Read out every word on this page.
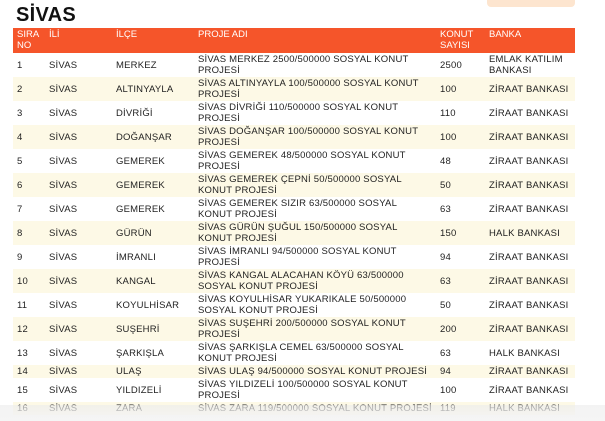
SİVAS
SIRA NO	İLİ	İLÇE	PROJE ADI	KONUT SAYISI	BANKA
1	SİVAS	MERKEZ	SİVAS MERKEZ 2500/500000 SOSYAL KONUT PROJESİ	2500	EMLAK KATILIM BANKASI
2	SİVAS	ALTINYAYLA	SİVAS ALTINYAYLA 100/500000 SOSYAL KONUT PROJESİ	100	ZİRAAT BANKASI
3	SİVAS	DİVRİĞİ	SİVAS DİVRİĞİ 110/500000 SOSYAL KONUT PROJESİ	110	ZİRAAT BANKASI
4	SİVAS	DOĞANŞAR	SİVAS DOĞANŞAR 100/500000 SOSYAL KONUT PROJESİ	100	ZİRAAT BANKASI
5	SİVAS	GEMEREK	SİVAS GEMEREK 48/500000 SOSYAL KONUT PROJESİ	48	ZİRAAT BANKASI
6	SİVAS	GEMEREK	SİVAS GEMEREK ÇEPNİ 50/500000 SOSYAL KONUT PROJESİ	50	ZİRAAT BANKASI
7	SİVAS	GEMEREK	SİVAS GEMEREK SIZIR 63/500000 SOSYAL KONUT PROJESİ	63	ZİRAAT BANKASI
8	SİVAS	GÜRÜN	SİVAS GÜRÜN ŞUĞUL 150/500000 SOSYAL KONUT PROJESİ	150	HALK BANKASI
9	SİVAS	İMRANLI	SİVAS İMRANLI 94/500000 SOSYAL KONUT PROJESİ	94	ZİRAAT BANKASI
10	SİVAS	KANGAL	SİVAS KANGAL ALACAHAN KÖYÜ 63/500000 SOSYAL KONUT PROJESİ	63	ZİRAAT BANKASI
11	SİVAS	KOYULHİSAR	SİVAS KOYULHİSAR YUKARIKALE 50/500000 SOSYAL KONUT PROJESİ	50	ZİRAAT BANKASI
12	SİVAS	SUŞEHRİ	SİVAS SUŞEHRİ 200/500000 SOSYAL KONUT PROJESİ	200	ZİRAAT BANKASI
13	SİVAS	ŞARKIŞLA	SİVAS ŞARKIŞLA CEMEL 63/500000 SOSYAL KONUT PROJESİ	63	HALK BANKASI
14	SİVAS	ULAŞ	SİVAS ULAŞ 94/500000 SOSYAL KONUT PROJESİ	94	ZİRAAT BANKASI
15	SİVAS	YILDIZELİ	SİVAS YILDIZELİ 100/500000 SOSYAL KONUT PROJESİ	100	ZİRAAT BANKASI
